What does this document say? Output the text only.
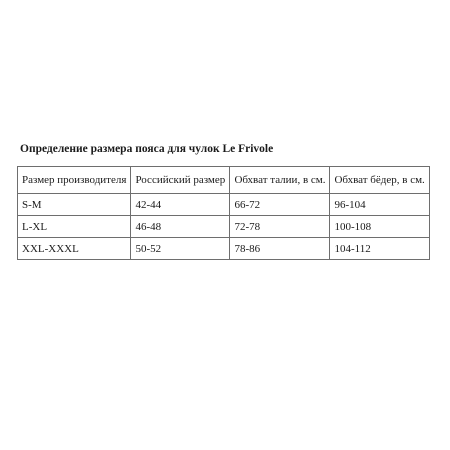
Определение размера пояса для чулок Le Frivole
Размер производителя	Российский размер	Обхват талии, в см.	Обхват бёдер, в см.
S-M	42-44	66-72	96-104
L-XL	46-48	72-78	100-108
XXL-XXXL	50-52	78-86	104-112
